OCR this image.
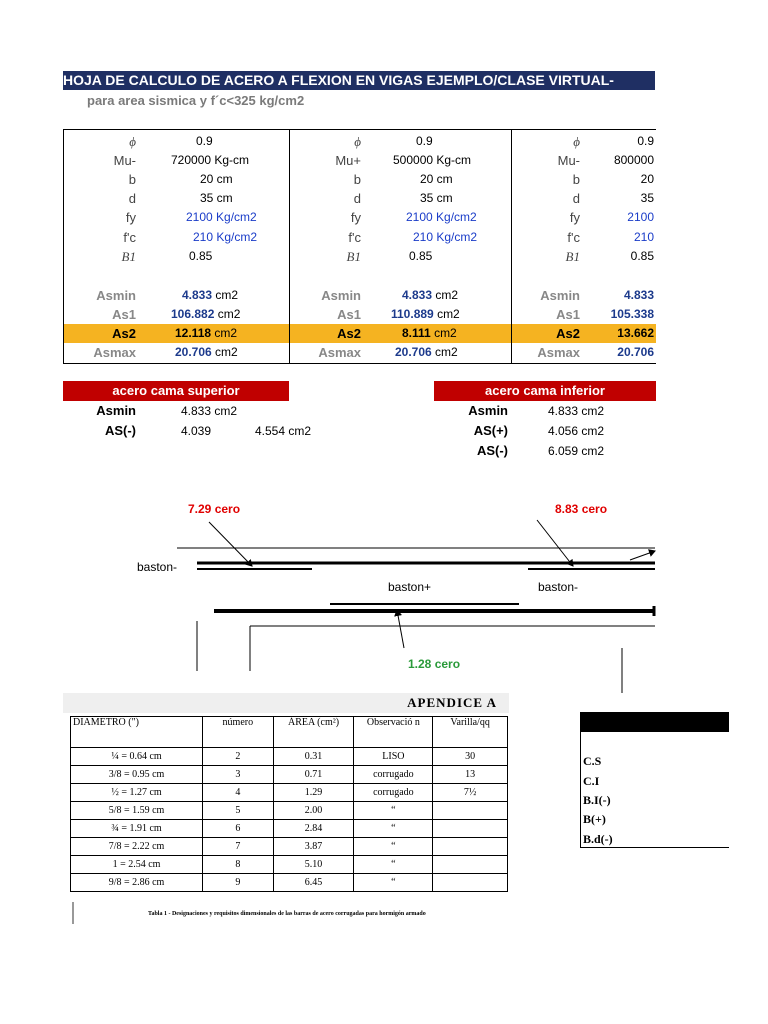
HOJA DE CALCULO DE ACERO A FLEXION EN VIGAS EJEMPLO/CLASE VIRTUAL-
para area sismica y f´c<325 kg/cm2
ϕ	0.9
Mu-	720000 Kg-cm
b	20 cm
d	35 cm
fy	2100 Kg/cm2
f'c	210 Kg/cm2
B1	0.85
Asmin	4.833 cm2
As1	106.882 cm2
As2	12.118 cm2
Asmax	20.706 cm2
ϕ	0.9
Mu+	500000 Kg-cm
b	20 cm
d	35 cm
fy	2100 Kg/cm2
f'c	210 Kg/cm2
B1	0.85
Asmin	4.833 cm2
As1	110.889 cm2
As2	8.111 cm2
Asmax	20.706 cm2
ϕ	0.9
Mu-	800000
b	20
d	35
fy	2100
f'c	210
B1	0.85
Asmin	4.833
As1	105.338
As2	13.662
Asmax	20.706
acero cama superior
Asmin	4.833 cm2
AS(-)	4.039	4.554 cm2
acero cama inferior
Asmin	4.833 cm2
AS(+)	4.056 cm2
AS(-)	6.059 cm2
7.29 cero	8.83 cero
1.28 cero
baston-
baston+	baston-
APENDICE A
DIAMETRO (")	número	ÁREA (cm²)	Observació n	Varilla/qq
¼ = 0.64 cm	2	0.31	LISO	30
3/8 = 0.95 cm	3	0.71	corrugado	13
½ = 1.27 cm	4	1.29	corrugado	7½
5/8 = 1.59 cm	5	2.00	“	
¾ = 1.91 cm	6	2.84	“	
7/8 = 2.22 cm	7	3.87	“	
1 = 2.54 cm	8	5.10	“	
9/8 = 2.86 cm	9	6.45	“	
Tabla 1 - Designaciones y requisitos dimensionales de las barras de acero corrugadas para hormigón armado
C.S
C.I
B.I(-)
B(+)
B.d(-)
